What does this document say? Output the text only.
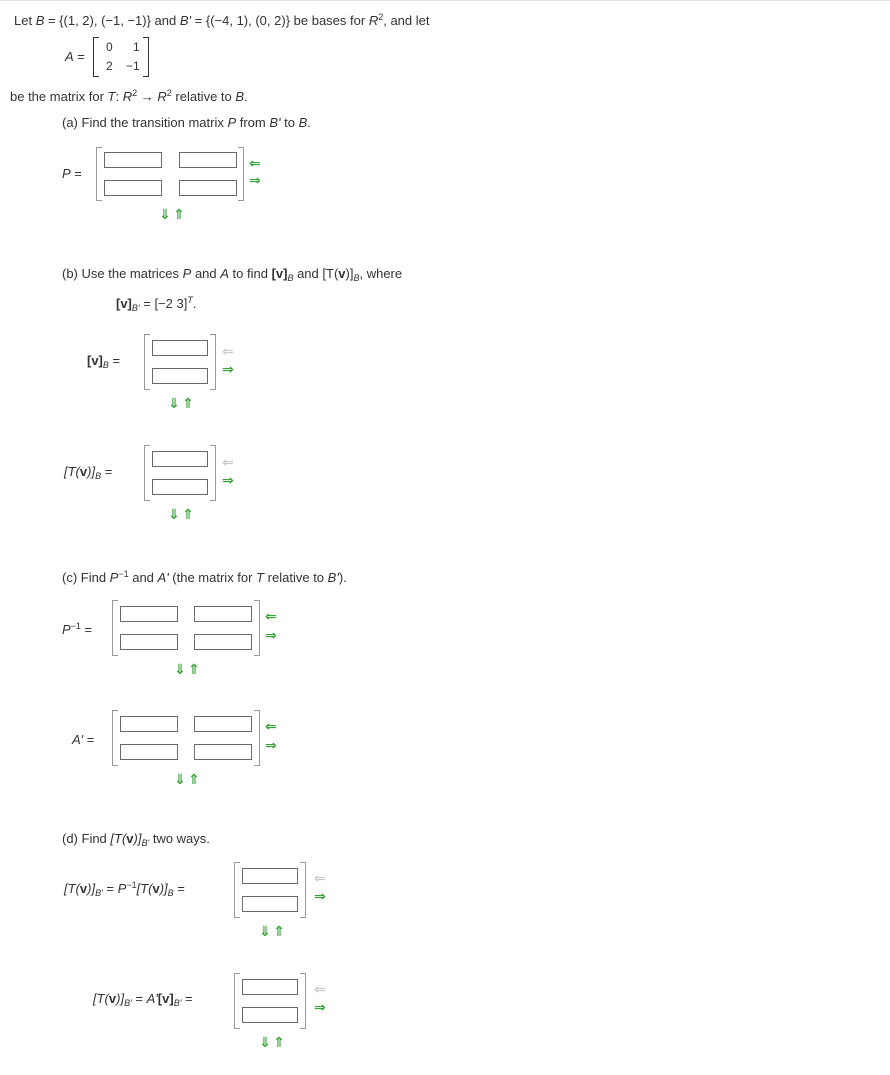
Let B = {(1, 2), (−1, −1)} and B' = {(−4, 1), (0, 2)} be bases for $R^2$, and let
A =
0 1
2 −1
be the matrix for T: $R^2 \to R^2$ relative to B.
(a) Find the transition matrix P from B' to B.
P =
⇐
⇒
⇓ ⇑
(b) Use the matrices P and A to find $[v]_B$ and $[T(v)]_B$, where
$[v]_{B'} = [-2$ 3]$^T$.
$[v]_B$ =
⇐
⇒
⇓ ⇑
$[T(v)]_B$ =
⇐
⇒
⇓ ⇑
(c) Find $P^{-1}$ and A' (the matrix for T relative to B').
$P^{-1}$ =
⇐
⇒
⇓ ⇑
A' =
⇐
⇒
⇓ ⇑
(d) Find $[T(v)]_{B'}$ two ways.
$[T(v)]_{B'} = P^{-1}[T(v)]_B$ =
⇐
⇒
⇓ ⇑
$[T(v)]_{B'} = A'[v]_{B'}$ =
⇐
⇒
⇓ ⇑
